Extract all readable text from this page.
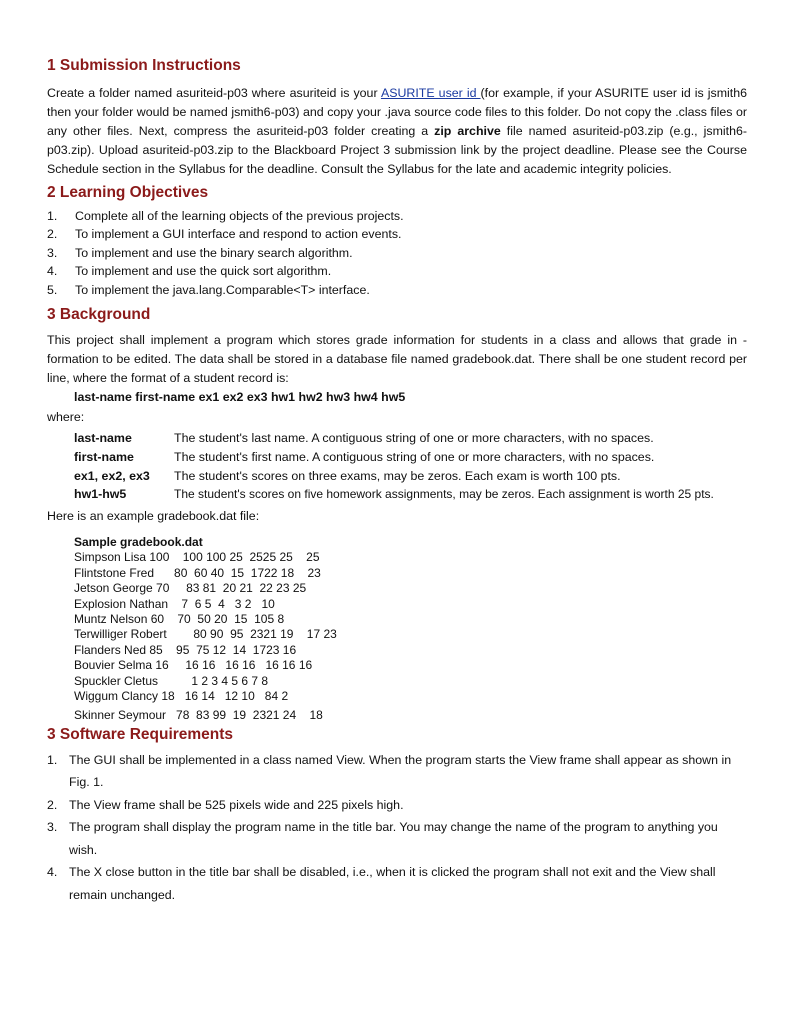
1 Submission Instructions

Create a folder named asuriteid-p03 where asuriteid is your ASURITE user id (for example, if your ASURITE user id is jsmith6 then your folder would be named jsmith6-p03) and copy your .java source code files to this folder. Do not copy the .class files or any other files. Next, compress the asuriteid-p03 folder creating a zip archive file named asuriteid-p03.zip (e.g., jsmith6-p03.zip). Upload asuriteid-p03.zip to the Blackboard Project 3 submission link by the project deadline. Please see the Course Schedule section in the Syllabus for the deadline. Consult the Syllabus for the late and academic integrity policies.

2 Learning Objectives
1.	Complete all of the learning objects of the previous projects.
2.	To implement a GUI interface and respond to action events.
3.	To implement and use the binary search algorithm.
4.	To implement and use the quick sort algorithm.
5.	To implement the java.lang.Comparable<T> interface.
3 Background

This project shall implement a program which stores grade information for students in a class and allows that grade in - formation to be edited. The data shall be stored in a database file named gradebook.dat. There shall be one student record per line, where the format of a student record is:

last-name first-name ex1 ex2 ex3 hw1 hw2 hw3 hw4 hw5
where:
last-name	The student's last name. A contiguous string of one or more characters, with no spaces.
first-name	The student's first name. A contiguous string of one or more characters, with no spaces.
ex1, ex2, ex3	The student's scores on three exams, may be zeros. Each exam is worth 100 pts.
hw1-hw5	The student's scores on five homework assignments, may be zeros. Each assignment is worth 25 pts.
Here is an example gradebook.dat file:
Sample gradebook.dat
Simpson Lisa 100    100 100 25  2525 25    25
Flintstone Fred      80  60 40  15  1722 18    23
Jetson George 70     83 81  20 21  22 23 25
Explosion Nathan    7  6 5  4   3 2   10
Muntz Nelson 60    70  50 20  15  105 8
Terwilliger Robert        80 90  95  2321 19    17 23
Flanders Ned 85    95  75 12  14  1723 16
Bouvier Selma 16     16 16   16 16   16 16 16
Spuckler Cletus          1 2 3 4 5 6 7 8
Wiggum Clancy 18   16 14   12 10   84 2
Skinner Seymour   78  83 99  19  2321 24    18
3 Software Requirements
1. The GUI shall be implemented in a class named View. When the program starts the View frame shall appear as shown in Fig. 1.
2. The View frame shall be 525 pixels wide and 225 pixels high.
3. The program shall display the program name in the title bar. You may change the name of the program to anything you wish.
4. The X close button in the title bar shall be disabled, i.e., when it is clicked the program shall not exit and the View shall remain unchanged.
